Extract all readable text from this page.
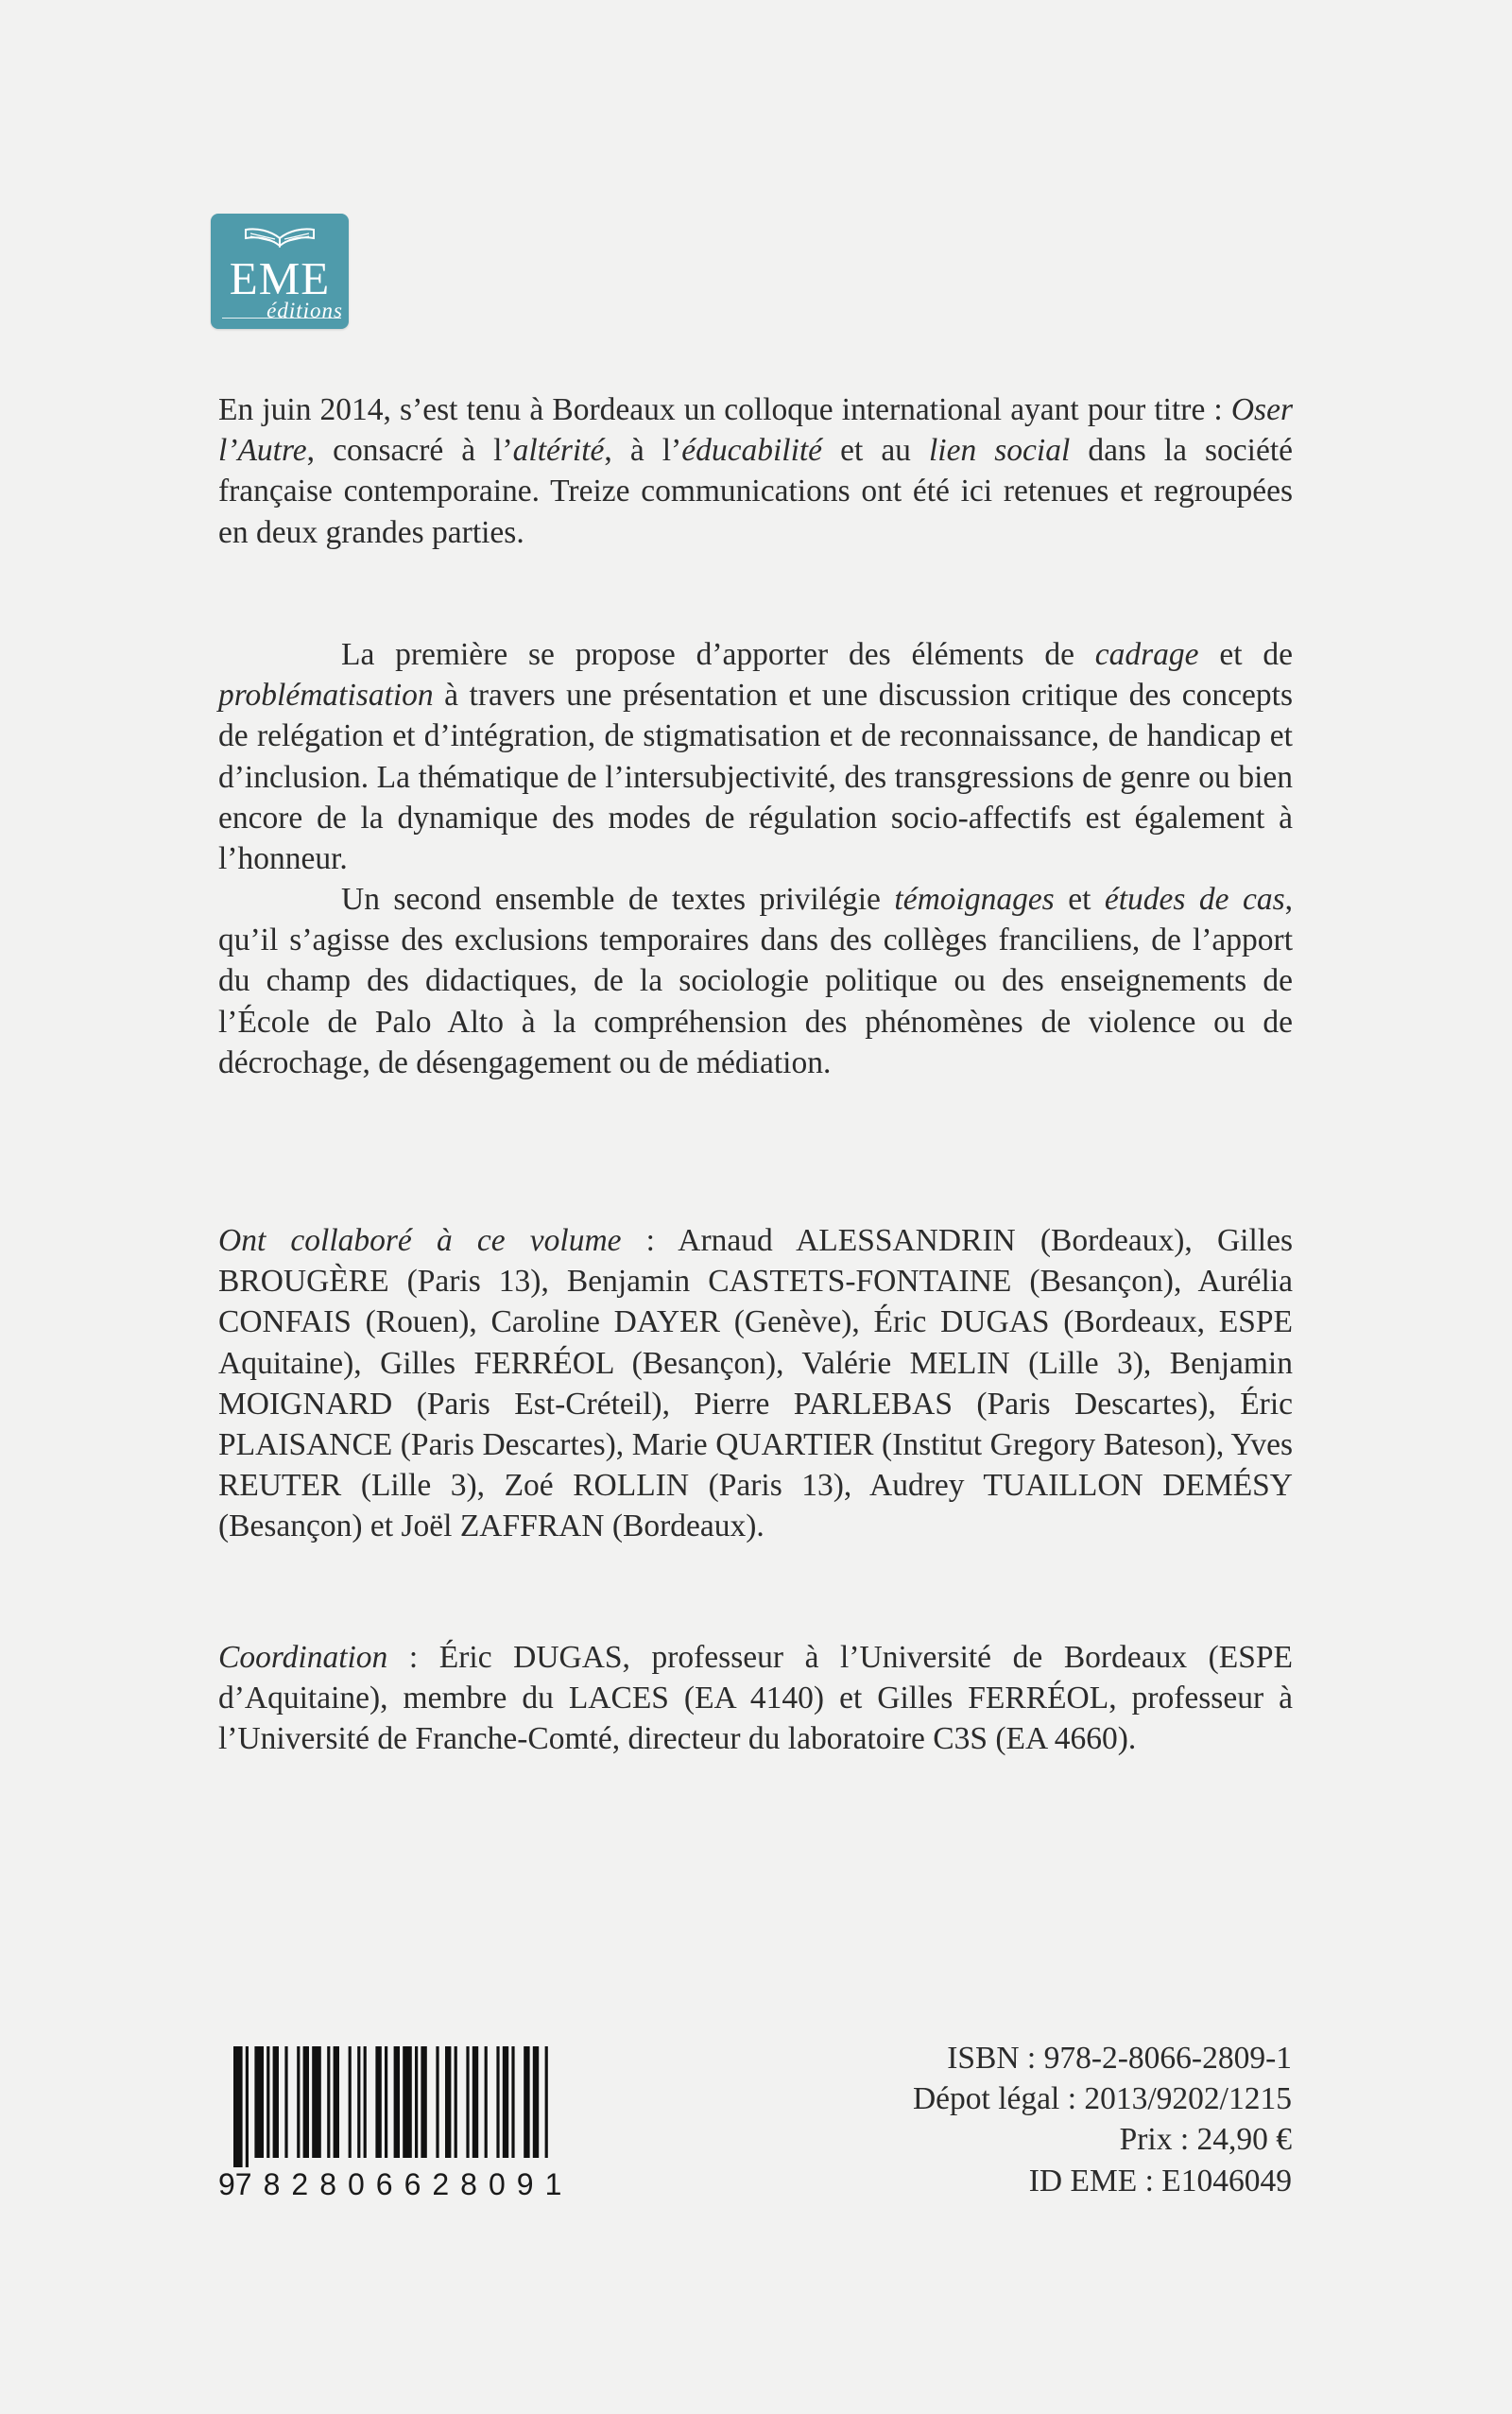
EME
éditions

En juin 2014, s’est tenu à Bordeaux un colloque international ayant pour titre : Oser l’Autre, consacré à l’altérité, à l’éducabilité et au lien social dans la société française contemporaine. Treize communications ont été ici retenues et regroupées en deux grandes parties.

La première se propose d’apporter des éléments de cadrage et de problématisation à travers une présentation et une discussion critique des concepts de relégation et d’intégration, de stigmatisation et de reconnaissance, de handicap et d’inclusion. La thématique de l’intersubjectivité, des transgressions de genre ou bien encore de la dynamique des modes de régulation socio-affectifs est également à l’honneur.

Un second ensemble de textes privilégie témoignages et études de cas, qu’il s’agisse des exclusions temporaires dans des collèges franciliens, de l’apport du champ des didactiques, de la sociologie politique ou des enseignements de l’École de Palo Alto à la compréhension des phénomènes de violence ou de décrochage, de désengagement ou de médiation.

Ont collaboré à ce volume : Arnaud ALESSANDRIN (Bordeaux), Gilles BROUGÈRE (Paris 13), Benjamin CASTETS-FONTAINE (Besançon), Aurélia CONFAIS (Rouen), Caroline DAYER (Genève), Éric DUGAS (Bordeaux, ESPE Aquitaine), Gilles FERRÉOL (Besançon), Valérie MELIN (Lille 3), Benjamin MOIGNARD (Paris Est-Créteil), Pierre PARLEBAS (Paris Descartes), Éric PLAISANCE (Paris Descartes), Marie QUARTIER (Institut Gregory Bateson), Yves REUTER (Lille 3), Zoé ROLLIN (Paris 13), Audrey TUAILLON DEMÉSY (Besançon) et Joël ZAFFRAN (Bordeaux).

Coordination : Éric DUGAS, professeur à l’Université de Bordeaux (ESPE d’Aquitaine), membre du LACES (EA 4140) et Gilles FERRÉOL, professeur à l’Université de Franche-Comté, directeur du laboratoire C3S (EA 4660).

9 782806 628091
ISBN : 978-2-8066-2809-1
Dépot légal : 2013/9202/1215
Prix : 24,90 €
ID EME : E1046049
